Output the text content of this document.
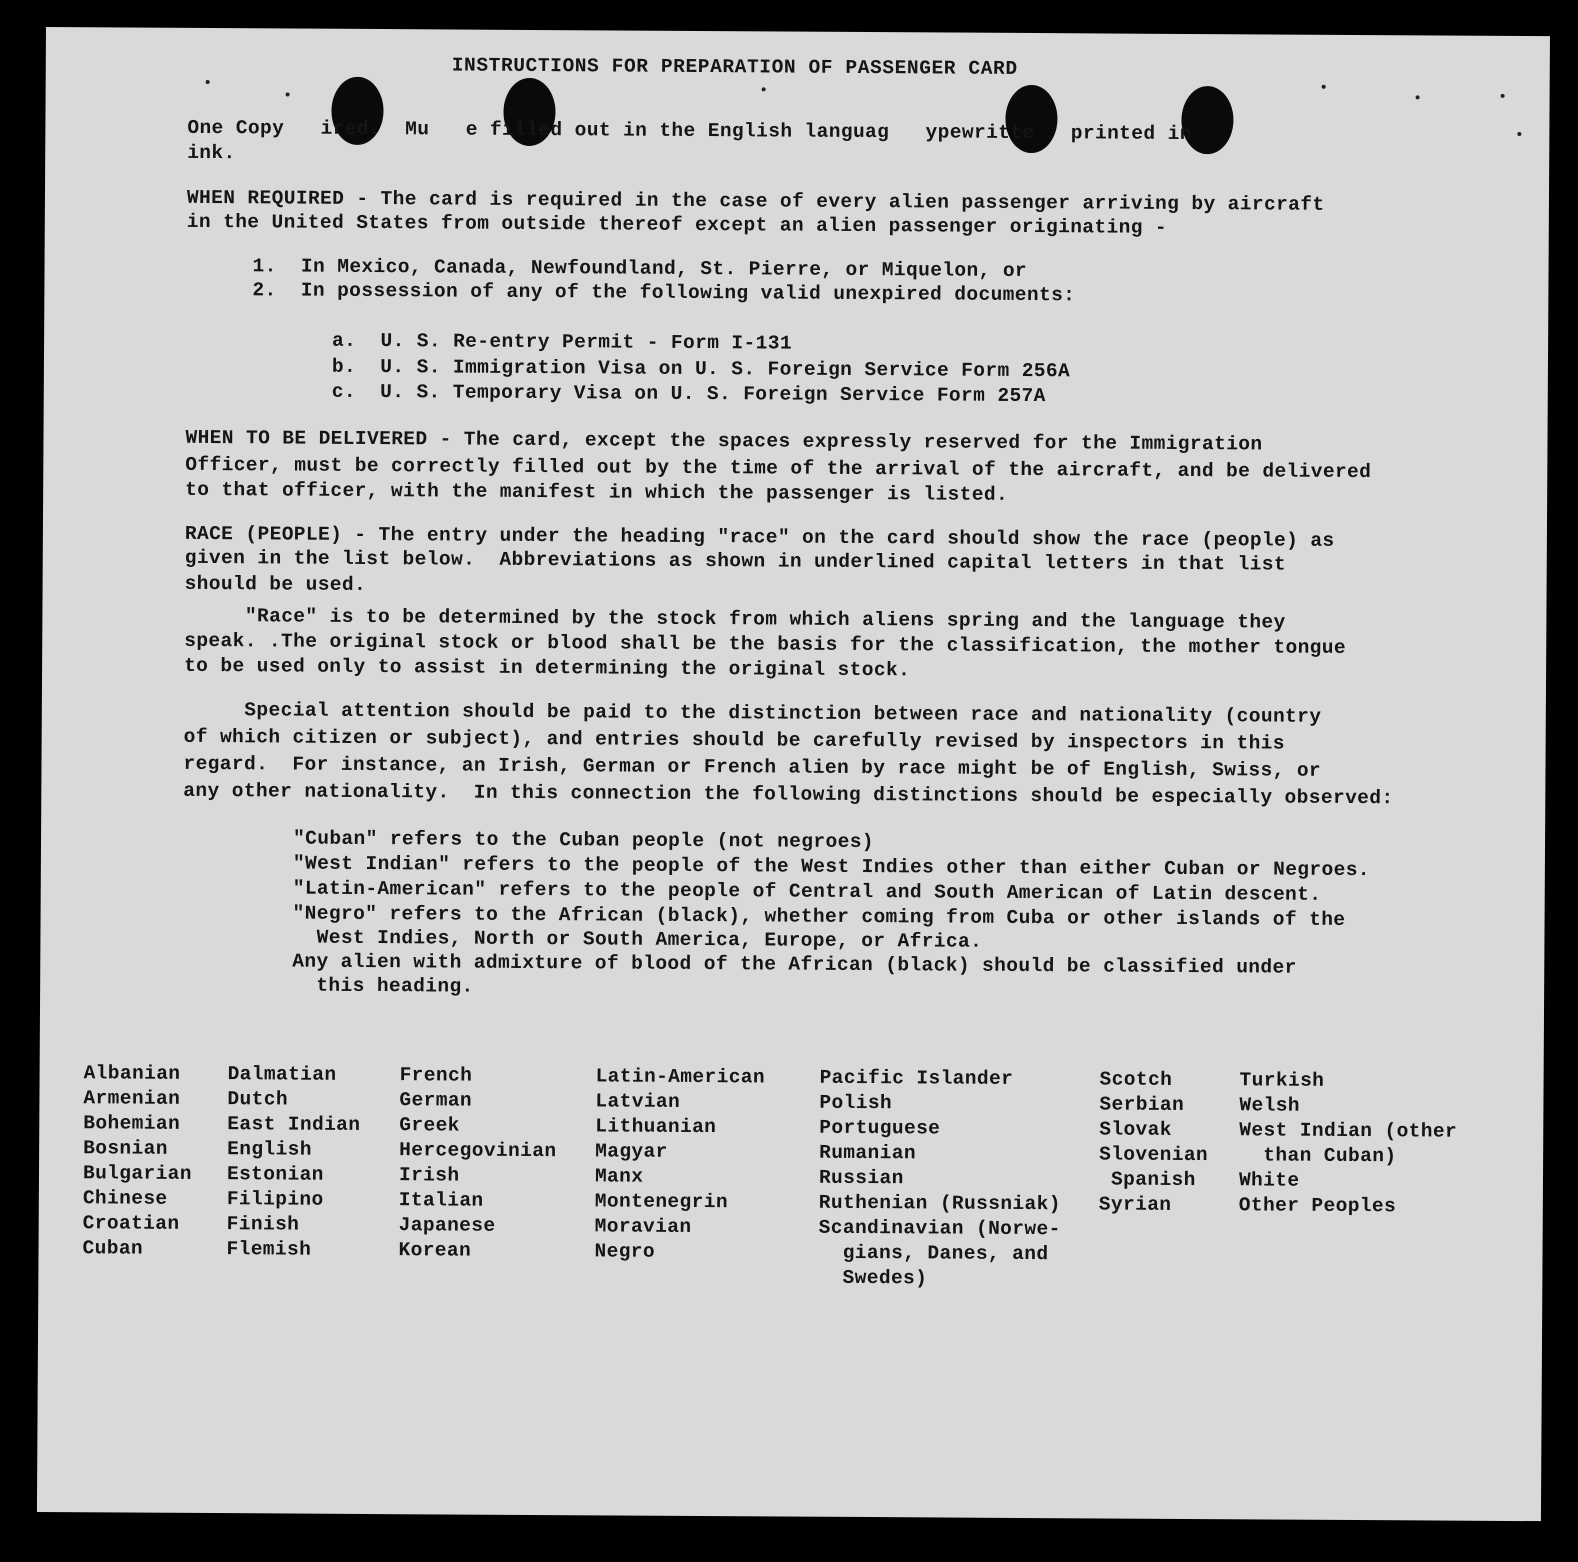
INSTRUCTIONS FOR PREPARATION OF PASSENGER CARD
One Copy   ired.  Mu   e filled out in the English languag   ypewritte   printed in
ink.
WHEN REQUIRED - The card is required in the case of every alien passenger arriving by aircraft
in the United States from outside thereof except an alien passenger originating -
1.  In Mexico, Canada, Newfoundland, St. Pierre, or Miquelon, or
2.  In possession of any of the following valid unexpired documents:
a.  U. S. Re-entry Permit - Form I-131
b.  U. S. Immigration Visa on U. S. Foreign Service Form 256A
c.  U. S. Temporary Visa on U. S. Foreign Service Form 257A
WHEN TO BE DELIVERED - The card, except the spaces expressly reserved for the Immigration
Officer, must be correctly filled out by the time of the arrival of the aircraft, and be delivered
to that officer, with the manifest in which the passenger is listed.
RACE (PEOPLE) - The entry under the heading "race" on the card should show the race (people) as
given in the list below.  Abbreviations as shown in underlined capital letters in that list
should be used.
"Race" is to be determined by the stock from which aliens spring and the language they
speak. .The original stock or blood shall be the basis for the classification, the mother tongue
to be used only to assist in determining the original stock.
Special attention should be paid to the distinction between race and nationality (country
of which citizen or subject), and entries should be carefully revised by inspectors in this
regard.  For instance, an Irish, German or French alien by race might be of English, Swiss, or
any other nationality.  In this connection the following distinctions should be especially observed:
"Cuban" refers to the Cuban people (not negroes)
"West Indian" refers to the people of the West Indies other than either Cuban or Negroes.
"Latin-American" refers to the people of Central and South American of Latin descent.
"Negro" refers to the African (black), whether coming from Cuba or other islands of the
West Indies, North or South America, Europe, or Africa.
Any alien with admixture of blood of the African (black) should be classified under
this heading.
Albanian
Armenian
Bohemian
Bosnian
Bulgarian
Chinese
Croatian
Cuban
Dalmatian
Dutch
East Indian
English
Estonian
Filipino
Finish
Flemish
French
German
Greek
Hercegovinian
Irish
Italian
Japanese
Korean
Latin-American
Latvian
Lithuanian
Magyar
Manx
Montenegrin
Moravian
Negro
Pacific Islander
Polish
Portuguese
Rumanian
Russian
Ruthenian (Russniak)
Scandinavian (Norwe-
gians, Danes, and
Swedes)
Scotch
Serbian
Slovak
Slovenian
Spanish
Syrian
Turkish
Welsh
West Indian (other
than Cuban)
White
Other Peoples
